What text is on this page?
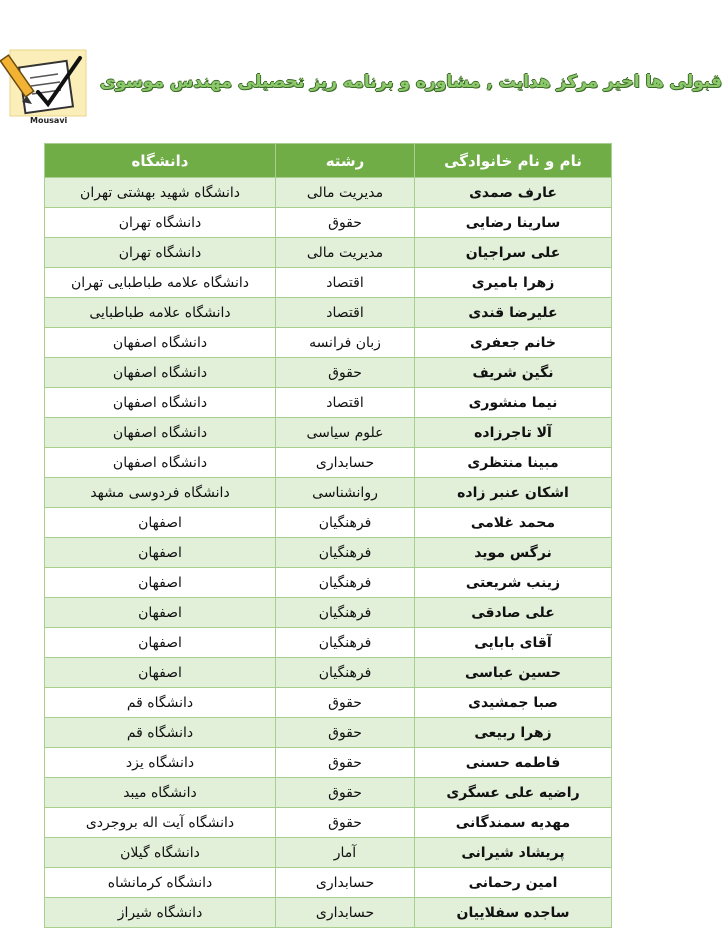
Mousavi
قبولی ها اخیر مرکز هدایت , مشاوره و برنامه ریز تحصیلی مهندس موسوی
نام و نام خانوادگی	رشته	دانشگاه
عارف صمدی	مدیریت مالی	دانشگاه شهید بهشتی تهران
سارینا رضایی	حقوق	دانشگاه تهران
علی سراجیان	مدیریت مالی	دانشگاه تهران
زهرا بامیری	اقتصاد	دانشگاه علامه طباطبایی تهران
علیرضا قندی	اقتصاد	دانشگاه علامه طباطبایی
خانم جعفری	زبان فرانسه	دانشگاه اصفهان
نگین شریف	حقوق	دانشگاه اصفهان
نیما منشوری	اقتصاد	دانشگاه اصفهان
آلا تاجرزاده	علوم سیاسی	دانشگاه اصفهان
مبینا منتظری	حسابداری	دانشگاه اصفهان
اشکان عنبر زاده	روانشناسی	دانشگاه فردوسی مشهد
محمد غلامی	فرهنگیان	اصفهان
نرگس موید	فرهنگیان	اصفهان
زینب شریعتی	فرهنگیان	اصفهان
علی صادقی	فرهنگیان	اصفهان
آقای بابایی	فرهنگیان	اصفهان
حسین عباسی	فرهنگیان	اصفهان
صبا جمشیدی	حقوق	دانشگاه قم
زهرا ربیعی	حقوق	دانشگاه قم
فاطمه حسنی	حقوق	دانشگاه یزد
راضیه علی عسگری	حقوق	دانشگاه میبد
مهدیه سمندگانی	حقوق	دانشگاه آیت اله بروجردی
پریشاد شیرانی	آمار	دانشگاه گیلان
امین رحمانی	حسابداری	دانشگاه کرمانشاه
ساجده سفلاییان	حسابداری	دانشگاه شیراز
